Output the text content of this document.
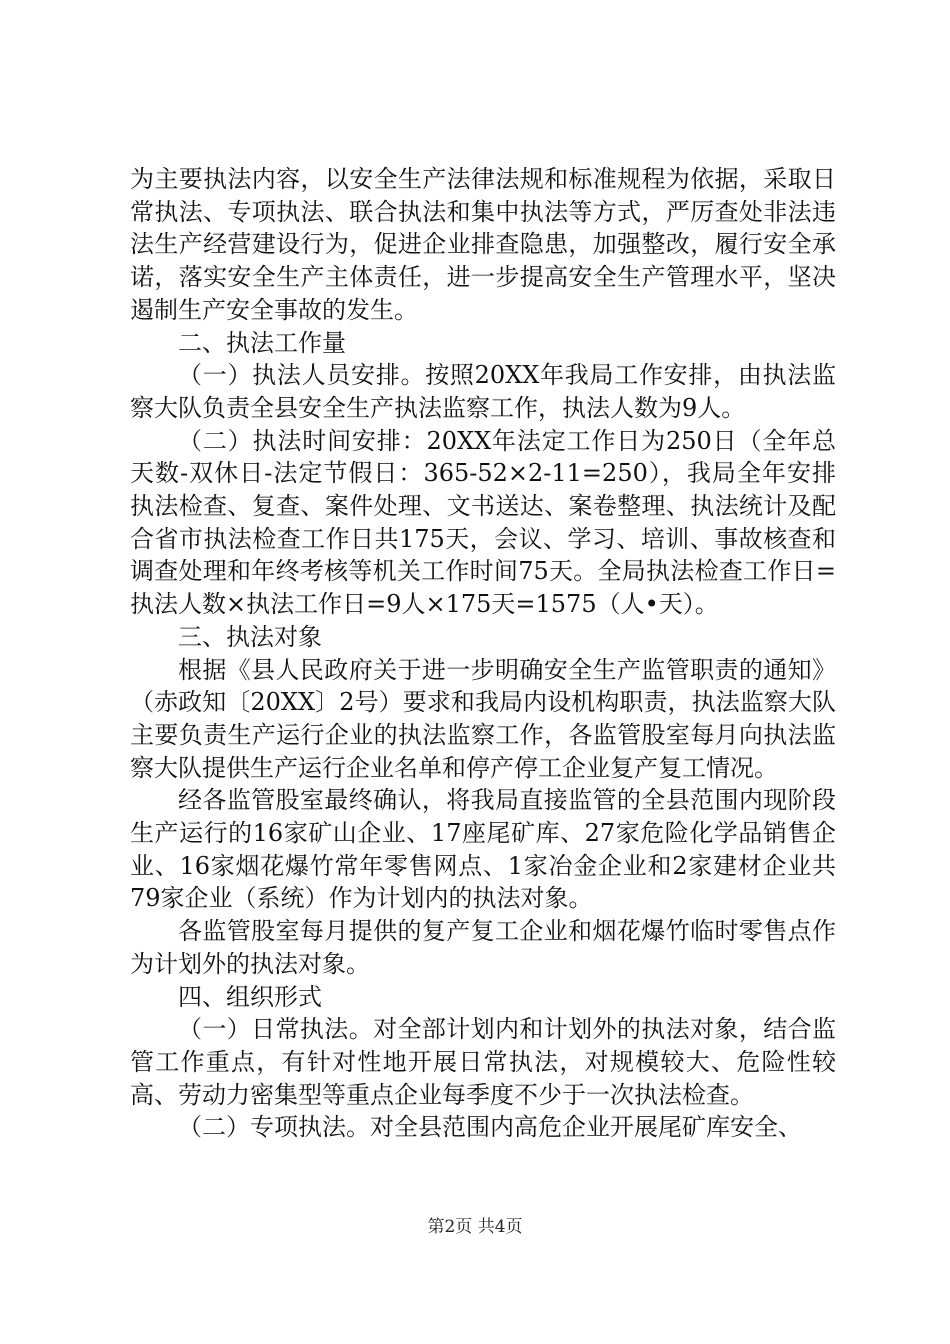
为主要执法内容，以安全生产法律法规和标准规程为依据，采取日常执法、专项执法、联合执法和集中执法等方式，严厉查处非法违法生产经营建设行为，促进企业排查隐患，加强整改，履行安全承诺，落实安全生产主体责任，进一步提高安全生产管理水平，坚决遏制生产安全事故的发生。

二、执法工作量

（一）执法人员安排。按照20XX年我局工作安排，由执法监察大队负责全县安全生产执法监察工作，执法人数为9人。

（二）执法时间安排：20XX年法定工作日为250日（全年总天数-双休日-法定节假日：365-52×2-11=250），我局全年安排执法检查、复查、案件处理、文书送达、案卷整理、执法统计及配合省市执法检查工作日共175天，会议、学习、培训、事故核查和调查处理和年终考核等机关工作时间75天。全局执法检查工作日=执法人数×执法工作日=9人×175天=1575（人•天）。

三、执法对象

根据《县人民政府关于进一步明确安全生产监管职责的通知》（赤政知〔20XX〕2号）要求和我局内设机构职责，执法监察大队主要负责生产运行企业的执法监察工作，各监管股室每月向执法监察大队提供生产运行企业名单和停产停工企业复产复工情况。

经各监管股室最终确认，将我局直接监管的全县范围内现阶段生产运行的16家矿山企业、17座尾矿库、27家危险化学品销售企业、16家烟花爆竹常年零售网点、1家冶金企业和2家建材企业共79家企业（系统）作为计划内的执法对象。

各监管股室每月提供的复产复工企业和烟花爆竹临时零售点作为计划外的执法对象。

四、组织形式

（一）日常执法。对全部计划内和计划外的执法对象，结合监管工作重点，有针对性地开展日常执法，对规模较大、危险性较高、劳动力密集型等重点企业每季度不少于一次执法检查。

（二）专项执法。对全县范围内高危企业开展尾矿库安全、

第2页 共4页
